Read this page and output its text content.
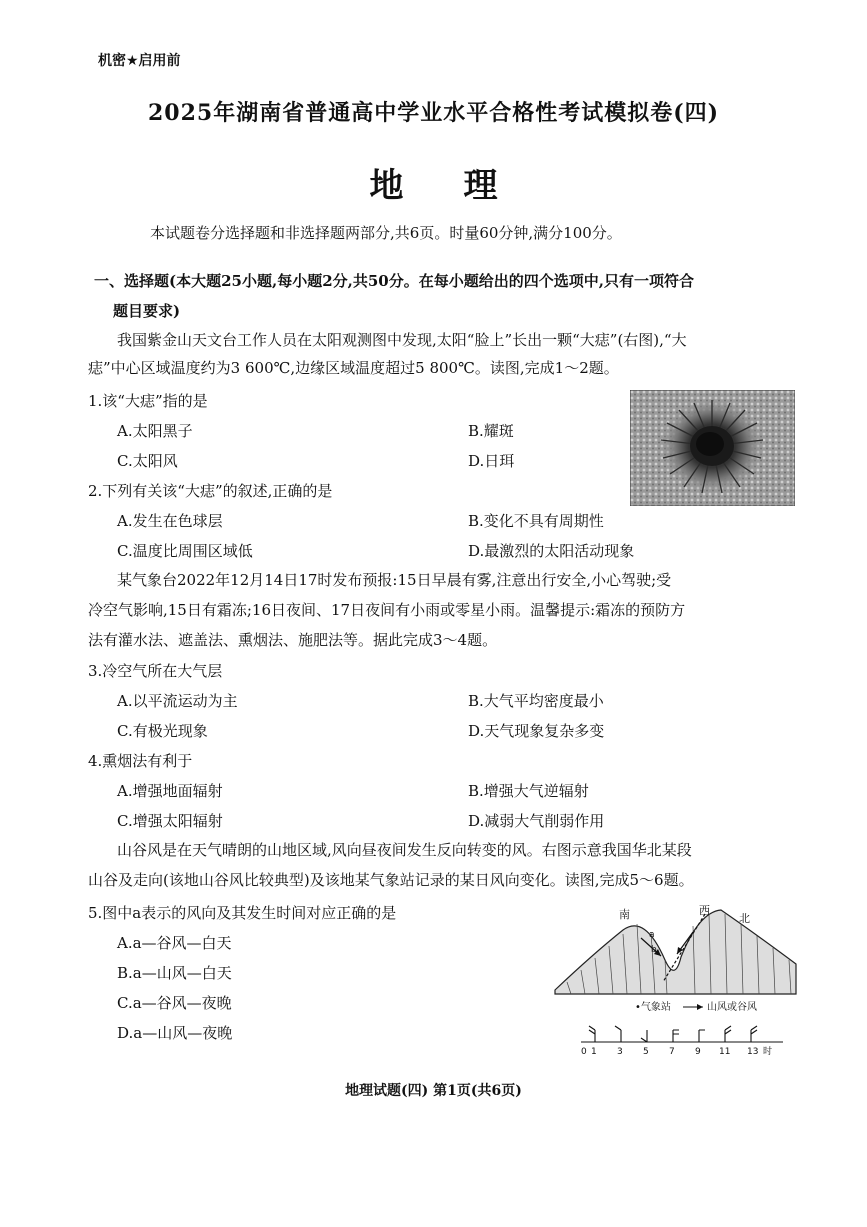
机密★启用前
2025年湖南省普通高中学业水平合格性考试模拟卷(四)
地理
本试题卷分选择题和非选择题两部分,共6页。时量60分钟,满分100分。
一、选择题(本大题25小题,每小题2分,共50分。在每小题给出的四个选项中,只有一项符合
题目要求)
我国紫金山天文台工作人员在太阳观测图中发现,太阳“脸上”长出一颗“大痣”(右图),“大
痣”中心区域温度约为3 600℃,边缘区域温度超过5 800℃。读图,完成1～2题。
1.该“大痣”指的是
A.太阳黑子	B.耀斑
C.太阳风	D.日珥
2.下列有关该“大痣”的叙述,正确的是
A.发生在色球层	B.变化不具有周期性
C.温度比周围区域低	D.最激烈的太阳活动现象
某气象台2022年12月14日17时发布预报:15日早晨有雾,注意出行安全,小心驾驶;受
冷空气影响,15日有霜冻;16日夜间、17日夜间有小雨或零星小雨。温馨提示:霜冻的预防方
法有灌水法、遮盖法、熏烟法、施肥法等。据此完成3～4题。
3.冷空气所在大气层
A.以平流运动为主	B.大气平均密度最小
C.有极光现象	D.天气现象复杂多变
4.熏烟法有利于
A.增强地面辐射	B.增强大气逆辐射
C.增强太阳辐射	D.减弱大气削弱作用
山谷风是在天气晴朗的山地区域,风向昼夜间发生反向转变的风。右图示意我国华北某段
山谷及走向(该地山谷风比较典型)及该地某气象站记录的某日风向变化。读图,完成5～6题。
5.图中a表示的风向及其发生时间对应正确的是
A.a—谷风—白天
B.a—山风—白天
C.a—谷风—夜晚
D.a—山风—夜晚
a
b
南	西
北
•气象站	山风或谷风
0 1 3 5 7 9 11 13 时
地理试题(四) 第1页(共6页)
